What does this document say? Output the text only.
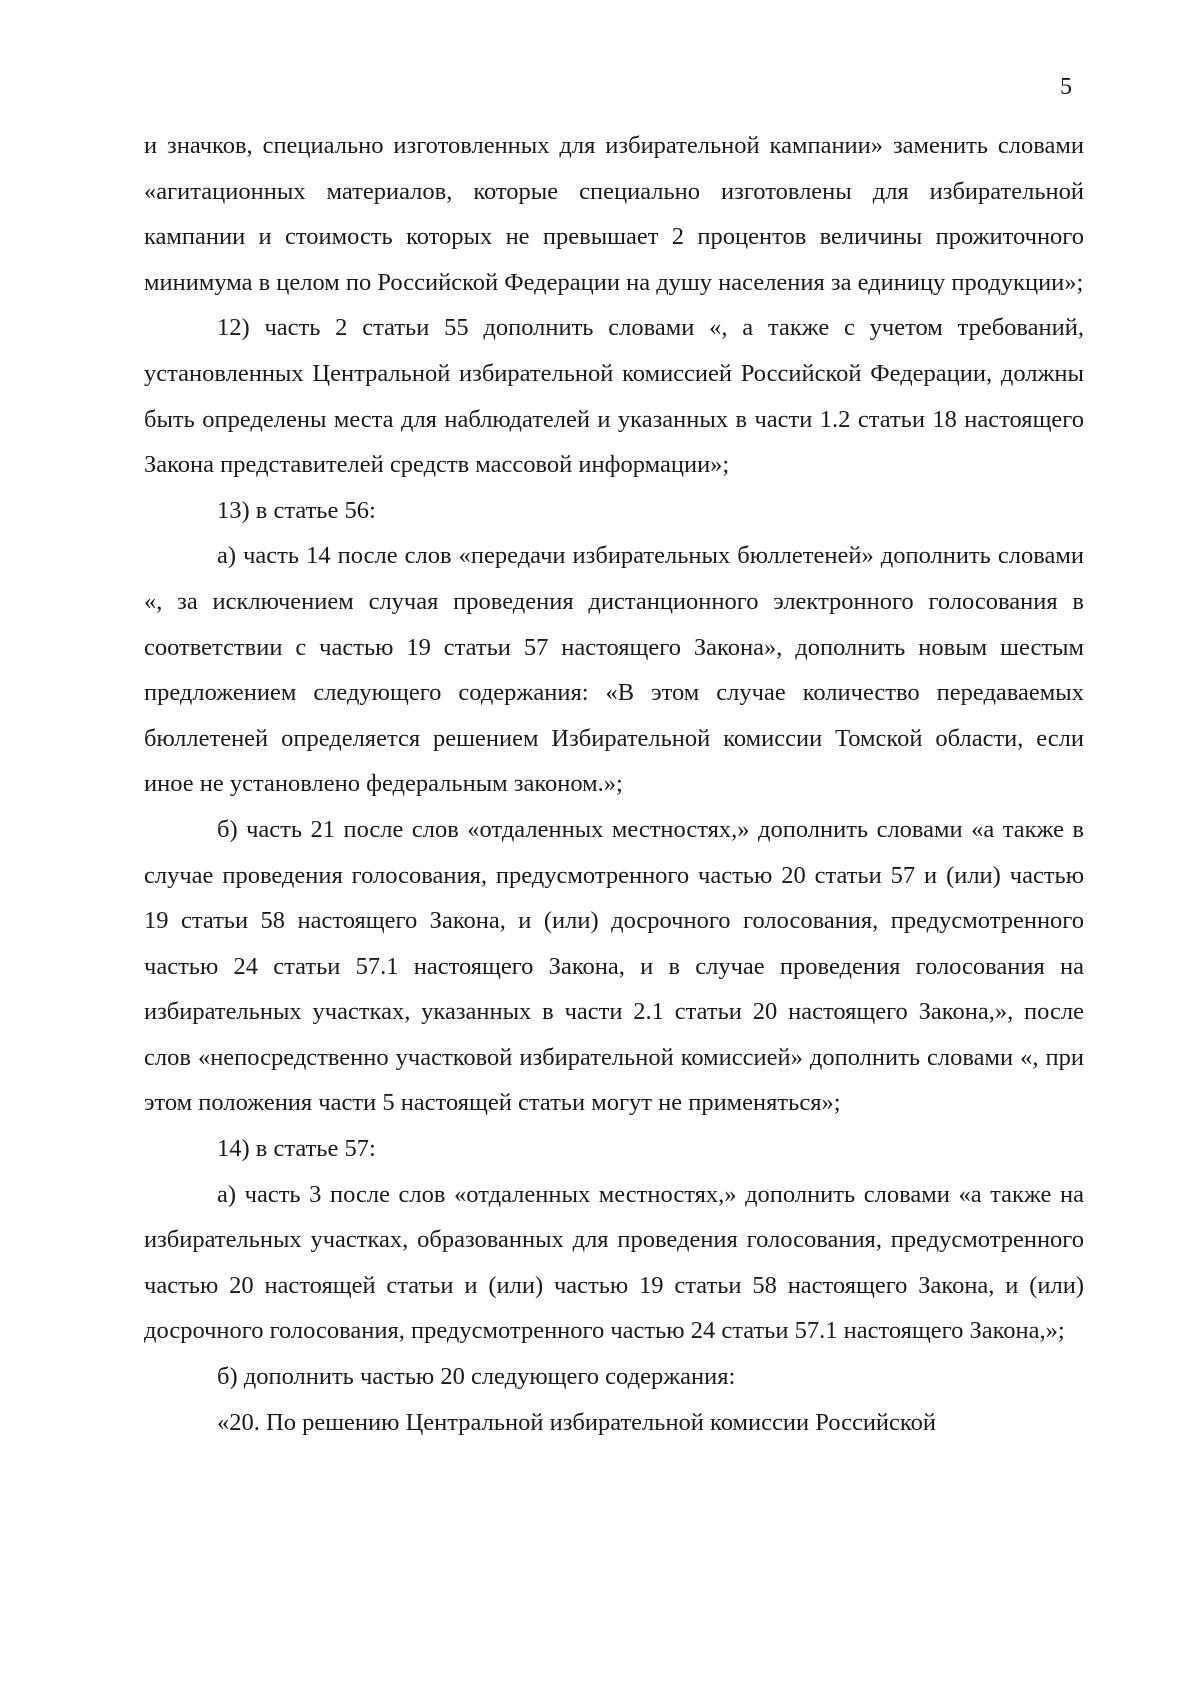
5

и значков, специально изготовленных для избирательной кампании» заменить словами «агитационных материалов, которые специально изготовлены для избирательной кампании и стоимость которых не превышает 2 процентов величины прожиточного минимума в целом по Российской Федерации на душу населения за единицу продукции»;

12) часть 2 статьи 55 дополнить словами «, а также с учетом требований, установленных Центральной избирательной комиссией Российской Федерации, должны быть определены места для наблюдателей и указанных в части 1.2 статьи 18 настоящего Закона представителей средств массовой информации»;

13) в статье 56:

а) часть 14 после слов «передачи избирательных бюллетеней» дополнить словами «, за исключением случая проведения дистанционного электронного голосования в соответствии с частью 19 статьи 57 настоящего Закона», дополнить новым шестым предложением следующего содержания: «В этом случае количество передаваемых бюллетеней определяется решением Избирательной комиссии Томской области, если иное не установлено федеральным законом.»;

б) часть 21 после слов «отдаленных местностях,» дополнить словами «а также в случае проведения голосования, предусмотренного частью 20 статьи 57 и (или) частью 19 статьи 58 настоящего Закона, и (или) досрочного голосования, предусмотренного частью 24 статьи 57.1 настоящего Закона, и в случае проведения голосования на избирательных участках, указанных в части 2.1 статьи 20 настоящего Закона,», после слов «непосредственно участковой избирательной комиссией» дополнить словами «, при этом положения части 5 настоящей статьи могут не применяться»;

14) в статье 57:

а) часть 3 после слов «отдаленных местностях,» дополнить словами «а также на избирательных участках, образованных для проведения голосования, предусмотренного частью 20 настоящей статьи и (или) частью 19 статьи 58 настоящего Закона, и (или) досрочного голосования, предусмотренного частью 24 статьи 57.1 настоящего Закона,»;

б) дополнить частью 20 следующего содержания:

«20. По решению Центральной избирательной комиссии Российской
